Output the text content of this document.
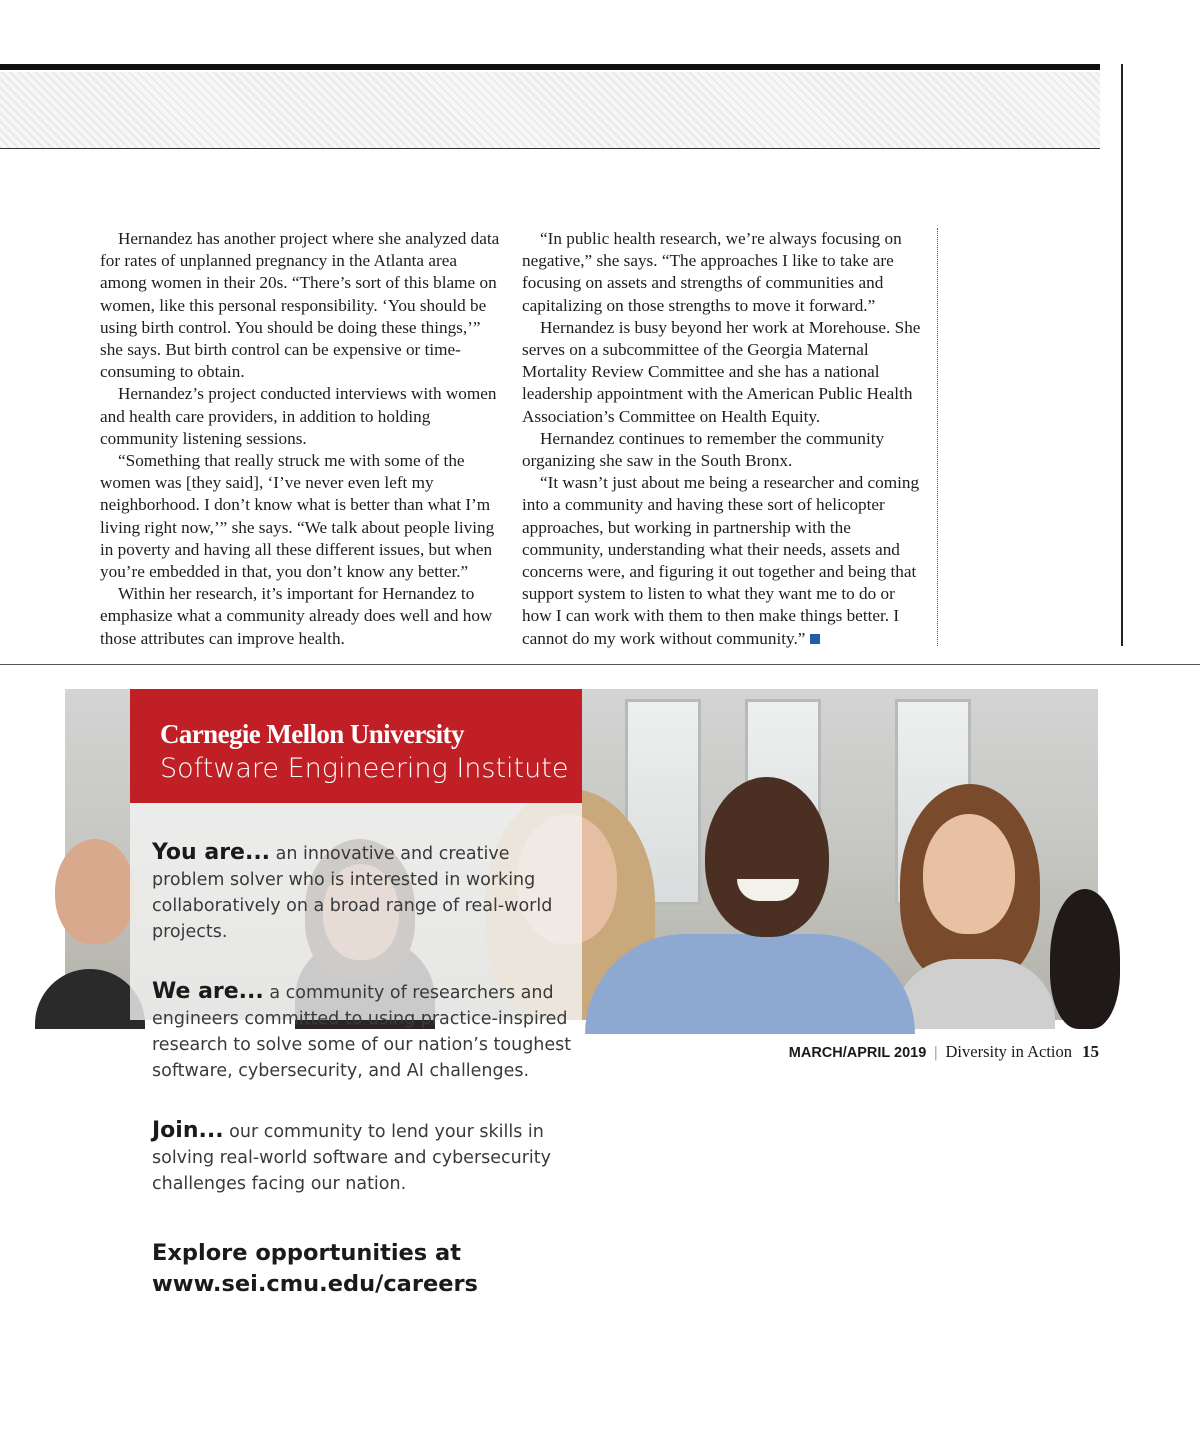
Hernandez has another project where she analyzed data for rates of unplanned pregnancy in the Atlanta area among women in their 20s. “There’s sort of this blame on women, like this personal responsibility. ‘You should be using birth control. You should be doing these things,’” she says. But birth control can be expensive or time-consuming to obtain.

Hernandez’s project conducted interviews with women and health care providers, in addition to holding community listening sessions.

“Something that really struck me with some of the women was [they said], ‘I’ve never even left my neighborhood. I don’t know what is better than what I’m living right now,’” she says. “We talk about people living in poverty and having all these different issues, but when you’re embedded in that, you don’t know any better.”

Within her research, it’s important for Hernandez to emphasize what a community already does well and how those attributes can improve health.

“In public health research, we’re always focusing on negative,” she says. “The approaches I like to take are focusing on assets and strengths of communities and capitalizing on those strengths to move it forward.”

Hernandez is busy beyond her work at Morehouse. She serves on a subcommittee of the Georgia Maternal Mortality Review Committee and she has a national leadership appointment with the American Public Health Association’s Committee on Health Equity.

Hernandez continues to remember the community organizing she saw in the South Bronx.

“It wasn’t just about me being a researcher and coming into a community and having these sort of helicopter approaches, but working in partnership with the community, understanding what their needs, assets and concerns were, and figuring it out together and being that support system to listen to what they want me to do or how I can work with them to then make things better. I cannot do my work without community.”

Carnegie Mellon University
Software Engineering Institute
You are... an innovative and creative problem solver who is interested in working collaboratively on a broad range of real-world projects.
We are... a community of researchers and engineers committed to using practice-inspired research to solve some of our nation’s toughest software, cybersecurity, and AI challenges.
Join... our community to lend your skills in solving real-world software and cybersecurity challenges facing our nation.
Explore opportunities at
www.sei.cmu.edu/careers
MARCH/APRIL 2019 | Diversity in Action 15
